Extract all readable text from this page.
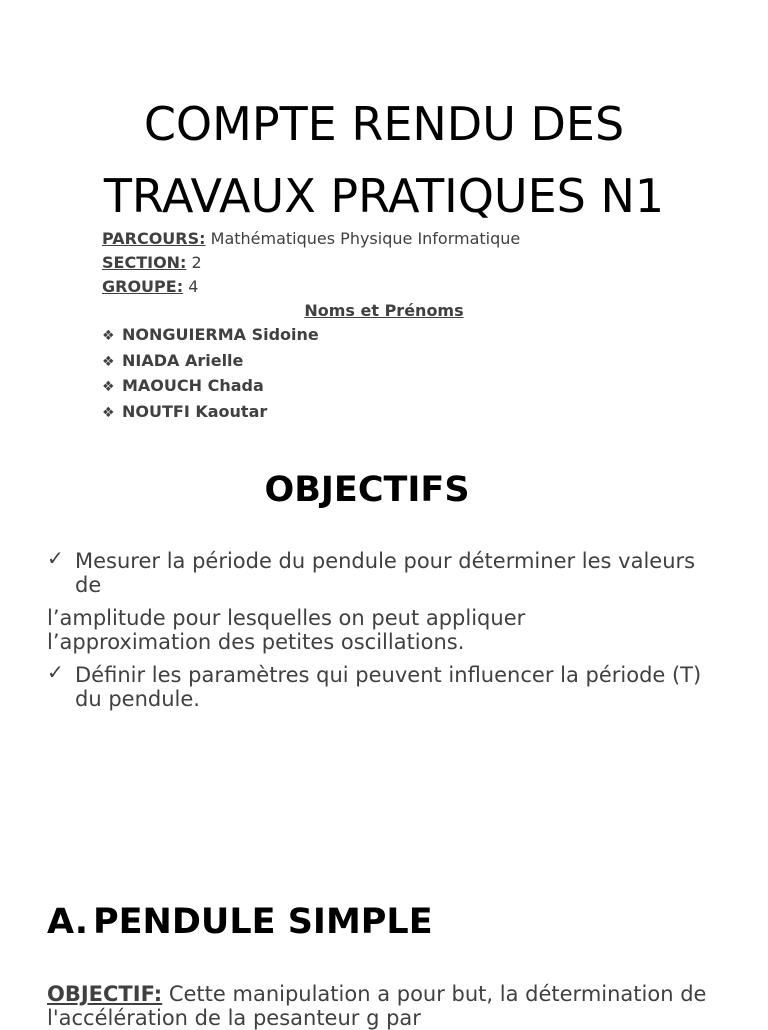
COMPTE RENDU DES
TRAVAUX PRATIQUES N1
PARCOURS: Mathématiques Physique Informatique
SECTION: 2
GROUPE: 4
Noms et Prénoms
❖ NONGUIERMA Sidoine
❖ NIADA Arielle
❖ MAOUCH Chada
❖ NOUTFI Kaoutar
OBJECTIFS
✓ Mesurer la période du pendule pour déterminer les valeurs de
l’amplitude pour lesquelles on peut appliquer
l’approximation des petites oscillations.
✓ Définir les paramètres qui peuvent influencer la période (T) du pendule.
A. PENDULE SIMPLE
OBJECTIF: Cette manipulation a pour but, la détermination de l'accélération de la pesanteur g par
